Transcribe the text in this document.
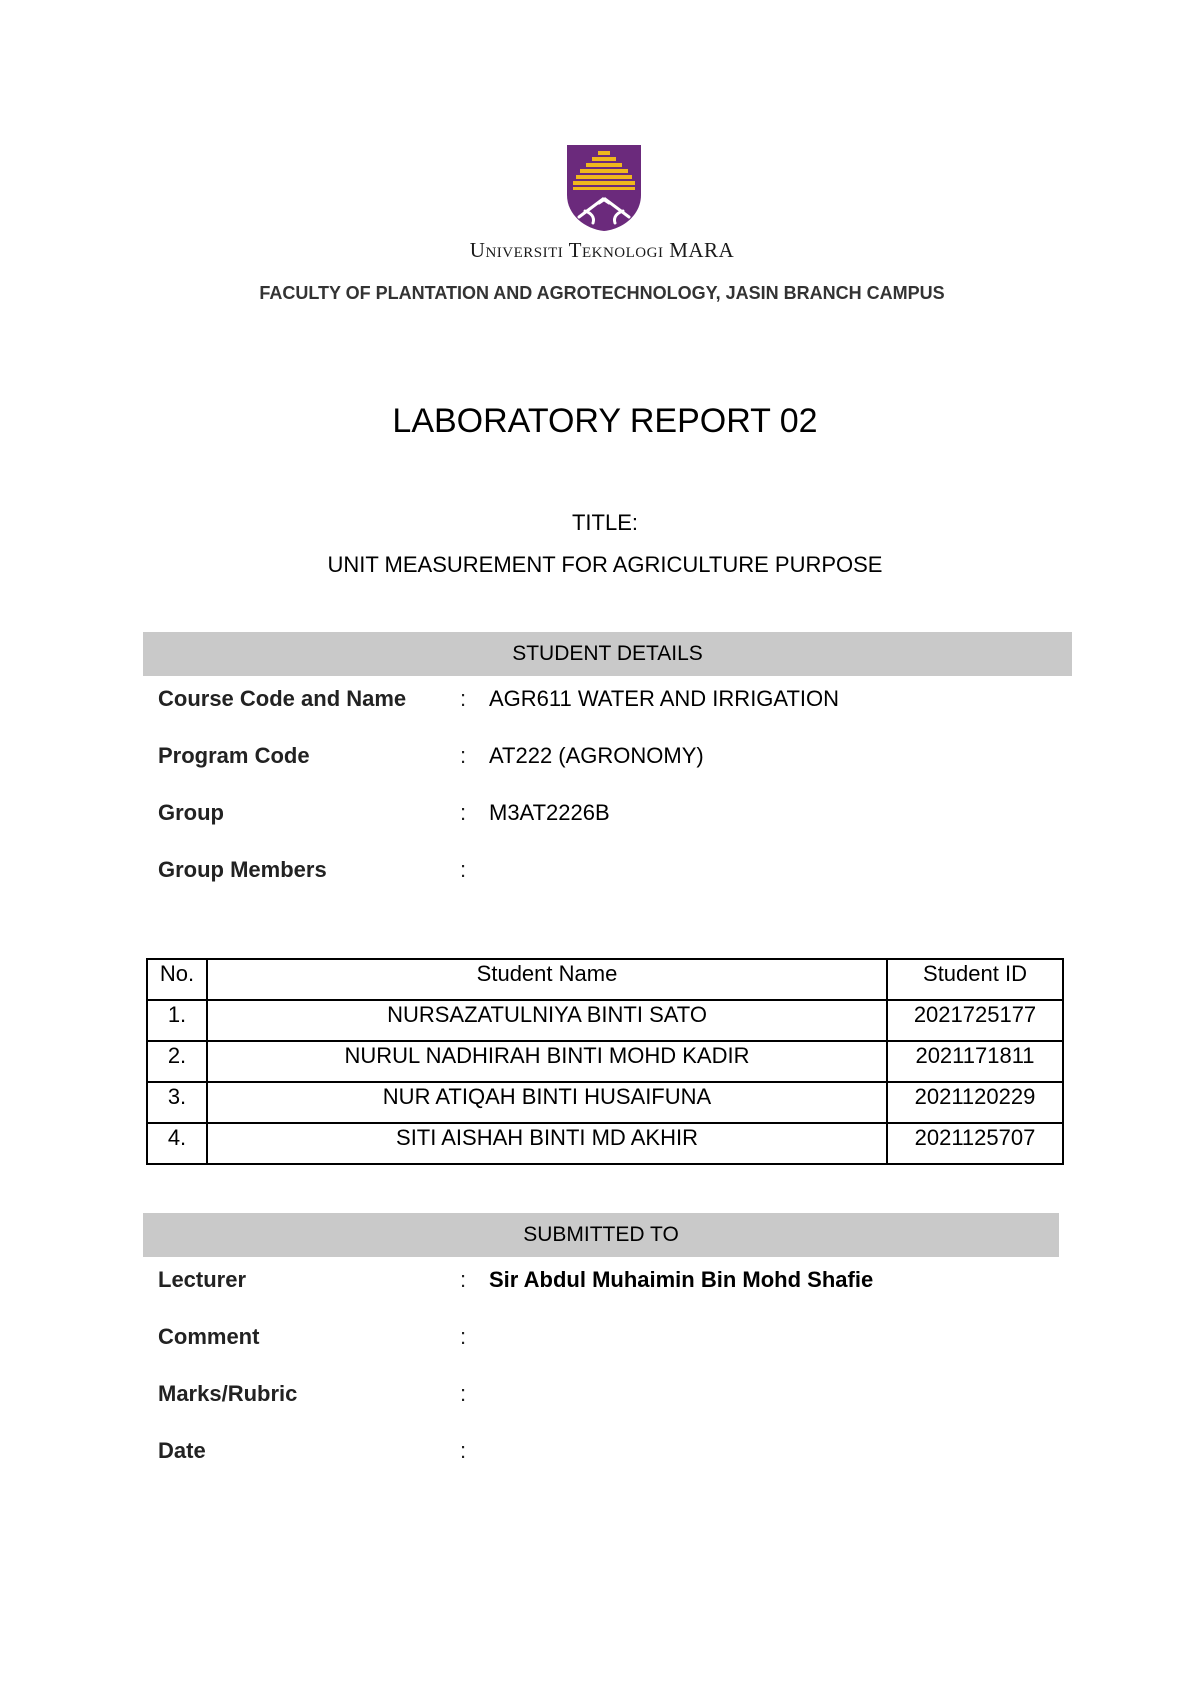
Universiti Teknologi MARA
FACULTY OF PLANTATION AND AGROTECHNOLOGY, JASIN BRANCH CAMPUS
LABORATORY REPORT 02
TITLE:
UNIT MEASUREMENT FOR AGRICULTURE PURPOSE
STUDENT DETAILS
Course Code and Name : AGR611 WATER AND IRRIGATION
Program Code	: AT222 (AGRONOMY)
Group	: M3AT2226B
Group Members	:
No.	Student Name	Student ID
1.	NURSAZATULNIYA BINTI SATO	2021725177
2.	NURUL NADHIRAH BINTI MOHD KADIR	2021171811
3.	NUR ATIQAH BINTI HUSAIFUNA	2021120229
4.	SITI AISHAH BINTI MD AKHIR	2021125707
SUBMITTED TO
Lecturer	: Sir Abdul Muhaimin Bin Mohd Shafie
Comment	:
Marks/Rubric	:
Date	:
